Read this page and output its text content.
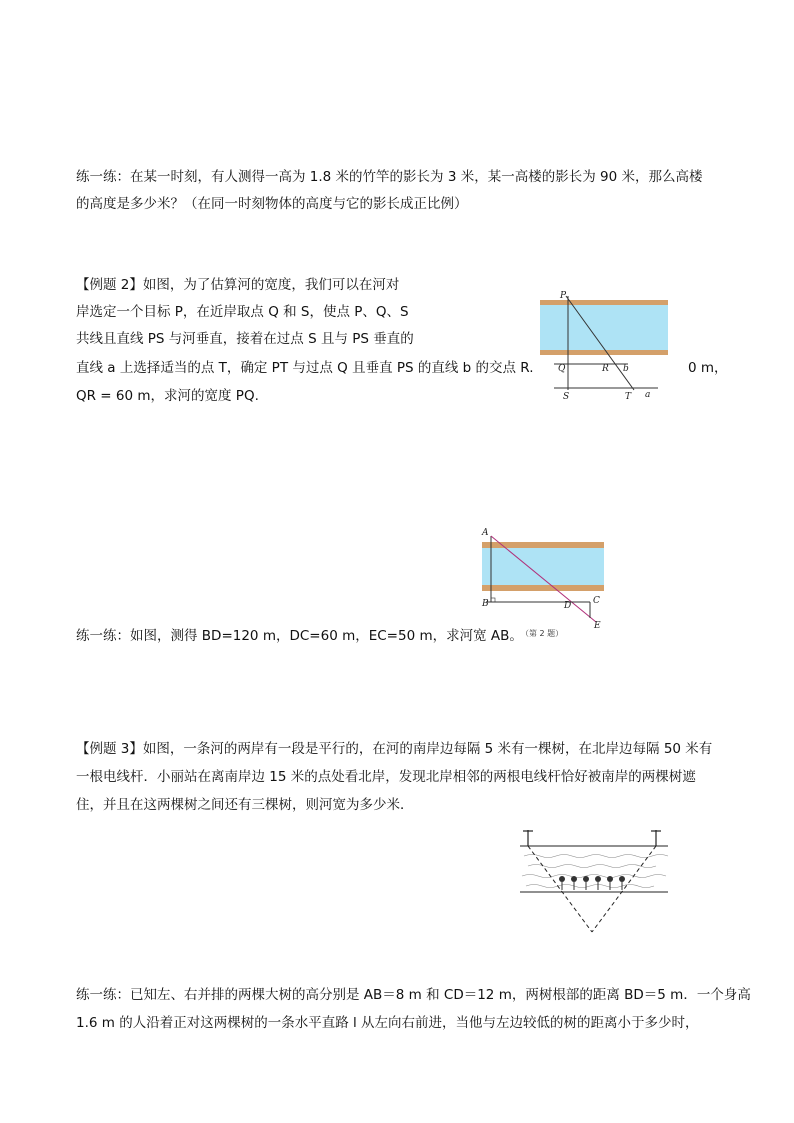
练一练：在某一时刻，有人测得一高为 1.8 米的竹竿的影长为 3 米，某一高楼的影长为 90 米，那么高楼
的高度是多少米？（在同一时刻物体的高度与它的影长成正比例）
【例题 2】如图，为了估算河的宽度，我们可以在河对
岸选定一个目标 P，在近岸取点 Q 和 S，使点 P、Q、S
共线且直线 PS 与河垂直，接着在过点 S 且与 PS 垂直的
直线 a 上选择适当的点 T，确定 PT 与过点 Q 且垂直 PS 的直线 b 的交点 R.	0 m，
QR = 60 m，求河的宽度 PQ.
P
Q	R b
S	T a
A
B	D C
E
（第 2 题）
练一练：如图，测得 BD=120 m，DC=60 m，EC=50 m，求河宽 AB。
【例题 3】如图，一条河的两岸有一段是平行的，在河的南岸边每隔 5 米有一棵树，在北岸边每隔 50 米有
一根电线杆．小丽站在离南岸边 15 米的点处看北岸，发现北岸相邻的两根电线杆恰好被南岸的两棵树遮
住，并且在这两棵树之间还有三棵树，则河宽为多少米．
练一练：已知左、右并排的两棵大树的高分别是 AB＝8 m 和 CD＝12 m，两树根部的距离 BD＝5 m．一个身高
1.6 m 的人沿着正对这两棵树的一条水平直路 l 从左向右前进，当他与左边较低的树的距离小于多少时，
